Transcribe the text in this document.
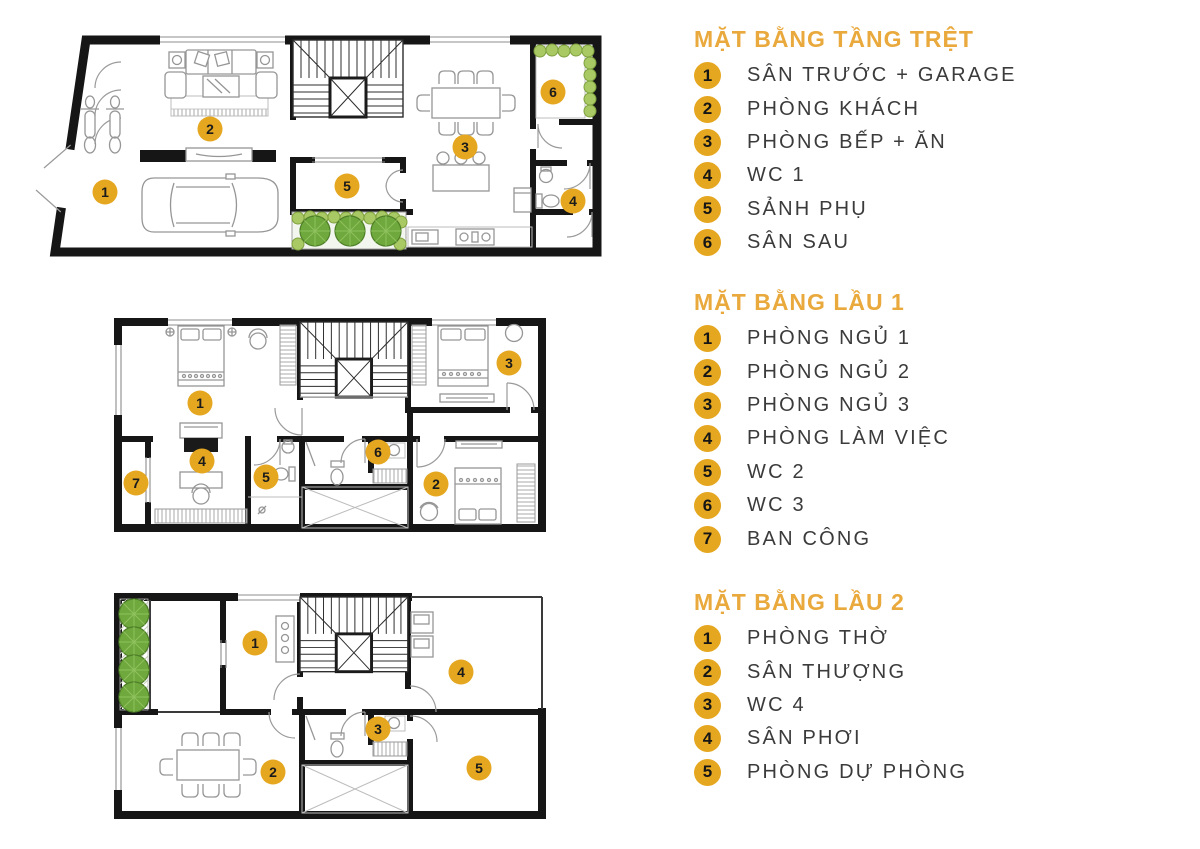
1
2
3
4
5
6
1
2
3
4
5
6
7
1
2
3
4
5
MẶT BẰNG TẦNG TRỆT
1	SÂN TRƯỚC + GARAGE
2	PHÒNG KHÁCH
3	PHÒNG BẾP + ĂN
4	WC 1
5	SẢNH PHỤ
6	SÂN SAU
MẶT BẰNG LẦU 1
1	PHÒNG NGỦ 1
2	PHÒNG NGỦ 2
3	PHÒNG NGỦ 3
4	PHÒNG LÀM VIỆC
5	WC 2
6	WC 3
7	BAN CÔNG
MẶT BẰNG LẦU 2
1	PHÒNG THỜ
2	SÂN THƯỢNG
3	WC 4
4	SÂN PHƠI
5	PHÒNG DỰ PHÒNG
